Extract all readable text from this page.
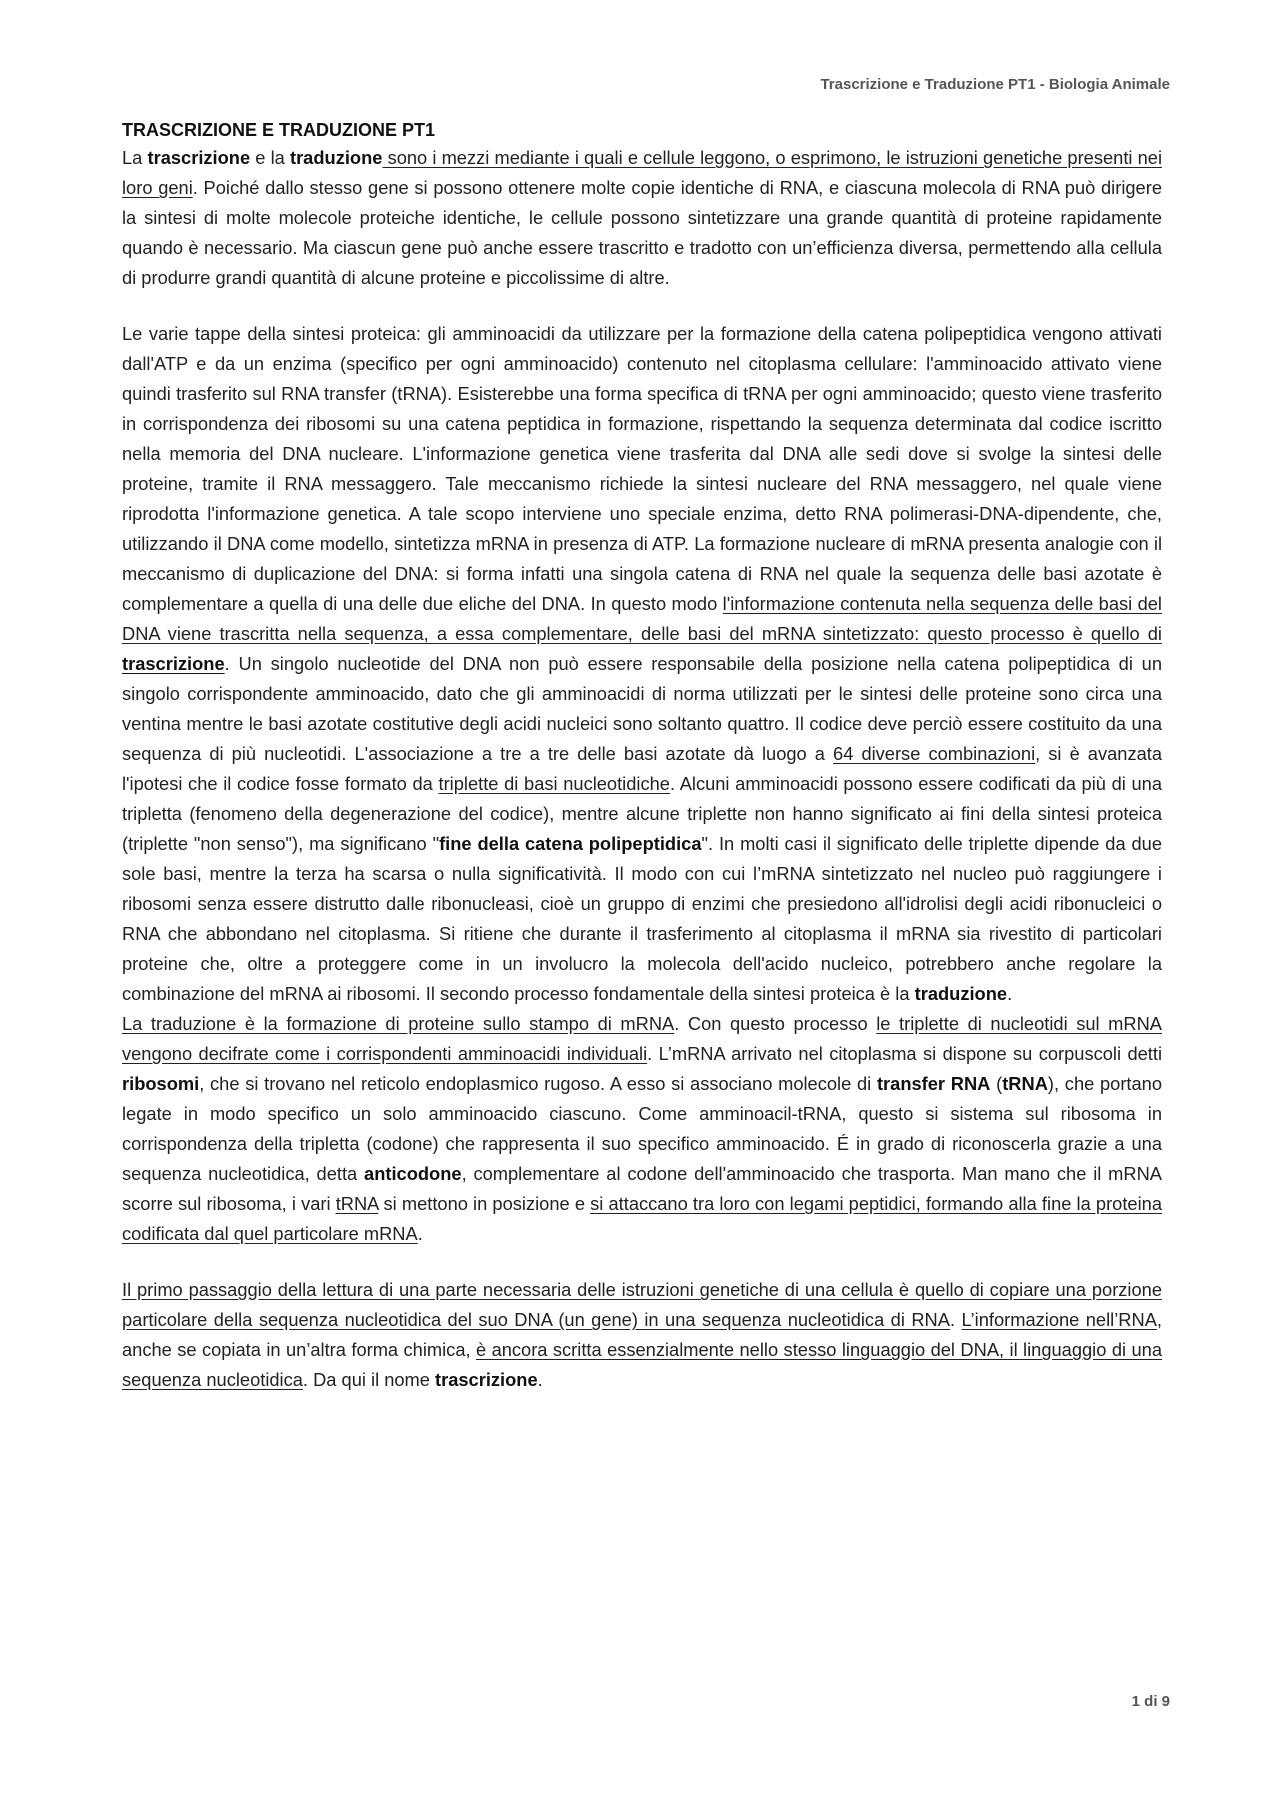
Trascrizione e Traduzione PT1 - Biologia Animale
TRASCRIZIONE E TRADUZIONE PT1

La trascrizione e la traduzione sono i mezzi mediante i quali e cellule leggono, o esprimono, le istruzioni genetiche presenti nei loro geni. Poiché dallo stesso gene si possono ottenere molte copie identiche di RNA, e ciascuna molecola di RNA può dirigere la sintesi di molte molecole proteiche identiche, le cellule possono sintetizzare una grande quantità di proteine rapidamente quando è necessario. Ma ciascun gene può anche essere trascritto e tradotto con un’efficienza diversa, permettendo alla cellula di produrre grandi quantità di alcune proteine e piccolissime di altre.

Le varie tappe della sintesi proteica: gli amminoacidi da utilizzare per la formazione della catena polipeptidica vengono attivati dall'ATP e da un enzima (specifico per ogni amminoacido) contenuto nel citoplasma cellulare: l'amminoacido attivato viene quindi trasferito sul RNA transfer (tRNA). Esisterebbe una forma specifica di tRNA per ogni amminoacido; questo viene trasferito in corrispondenza dei ribosomi su una catena peptidica in formazione, rispettando la sequenza determinata dal codice iscritto nella memoria del DNA nucleare. L'informazione genetica viene trasferita dal DNA alle sedi dove si svolge la sintesi delle proteine, tramite il RNA messaggero. Tale meccanismo richiede la sintesi nucleare del RNA messaggero, nel quale viene riprodotta l'informazione genetica. A tale scopo interviene uno speciale enzima, detto RNA polimerasi-DNA-dipendente, che, utilizzando il DNA come modello, sintetizza mRNA in presenza di ATP. La formazione nucleare di mRNA presenta analogie con il meccanismo di duplicazione del DNA: si forma infatti una singola catena di RNA nel quale la sequenza delle basi azotate è complementare a quella di una delle due eliche del DNA. In questo modo l'informazione contenuta nella sequenza delle basi del DNA viene trascritta nella sequenza, a essa complementare, delle basi del mRNA sintetizzato: questo processo è quello di trascrizione. Un singolo nucleotide del DNA non può essere responsabile della posizione nella catena polipeptidica di un singolo corrispondente amminoacido, dato che gli amminoacidi di norma utilizzati per le sintesi delle proteine sono circa una ventina mentre le basi azotate costitutive degli acidi nucleici sono soltanto quattro. Il codice deve perciò essere costituito da una sequenza di più nucleotidi. L'associazione a tre a tre delle basi azotate dà luogo a 64 diverse combinazioni, si è avanzata l'ipotesi che il codice fosse formato da triplette di basi nucleotidiche. Alcuni amminoacidi possono essere codificati da più di una tripletta (fenomeno della degenerazione del codice), mentre alcune triplette non hanno significato ai fini della sintesi proteica (triplette "non senso"), ma significano "fine della catena polipeptidica". In molti casi il significato delle triplette dipende da due sole basi, mentre la terza ha scarsa o nulla significatività. Il modo con cui l’mRNA sintetizzato nel nucleo può raggiungere i ribosomi senza essere distrutto dalle ribonucleasi, cioè un gruppo di enzimi che presiedono all'idrolisi degli acidi ribonucleici o RNA che abbondano nel citoplasma. Si ritiene che durante il trasferimento al citoplasma il mRNA sia rivestito di particolari proteine che, oltre a proteggere come in un involucro la molecola dell'acido nucleico, potrebbero anche regolare la combinazione del mRNA ai ribosomi. Il secondo processo fondamentale della sintesi proteica è la traduzione.

La traduzione è la formazione di proteine sullo stampo di mRNA. Con questo processo le triplette di nucleotidi sul mRNA vengono decifrate come i corrispondenti amminoacidi individuali. L’mRNA arrivato nel citoplasma si dispone su corpuscoli detti ribosomi, che si trovano nel reticolo endoplasmico rugoso. A esso si associano molecole di transfer RNA (tRNA), che portano legate in modo specifico un solo amminoacido ciascuno. Come amminoacil-tRNA, questo si sistema sul ribosoma in corrispondenza della tripletta (codone) che rappresenta il suo specifico amminoacido. É in grado di riconoscerla grazie a una sequenza nucleotidica, detta anticodone, complementare al codone dell'amminoacido che trasporta. Man mano che il mRNA scorre sul ribosoma, i vari tRNA si mettono in posizione e si attaccano tra loro con legami peptidici, formando alla fine la proteina codificata dal quel particolare mRNA.

Il primo passaggio della lettura di una parte necessaria delle istruzioni genetiche di una cellula è quello di copiare una porzione particolare della sequenza nucleotidica del suo DNA (un gene) in una sequenza nucleotidica di RNA. L’informazione nell’RNA, anche se copiata in un’altra forma chimica, è ancora scritta essenzialmente nello stesso linguaggio del DNA, il linguaggio di una sequenza nucleotidica. Da qui il nome trascrizione.

1 di 9
